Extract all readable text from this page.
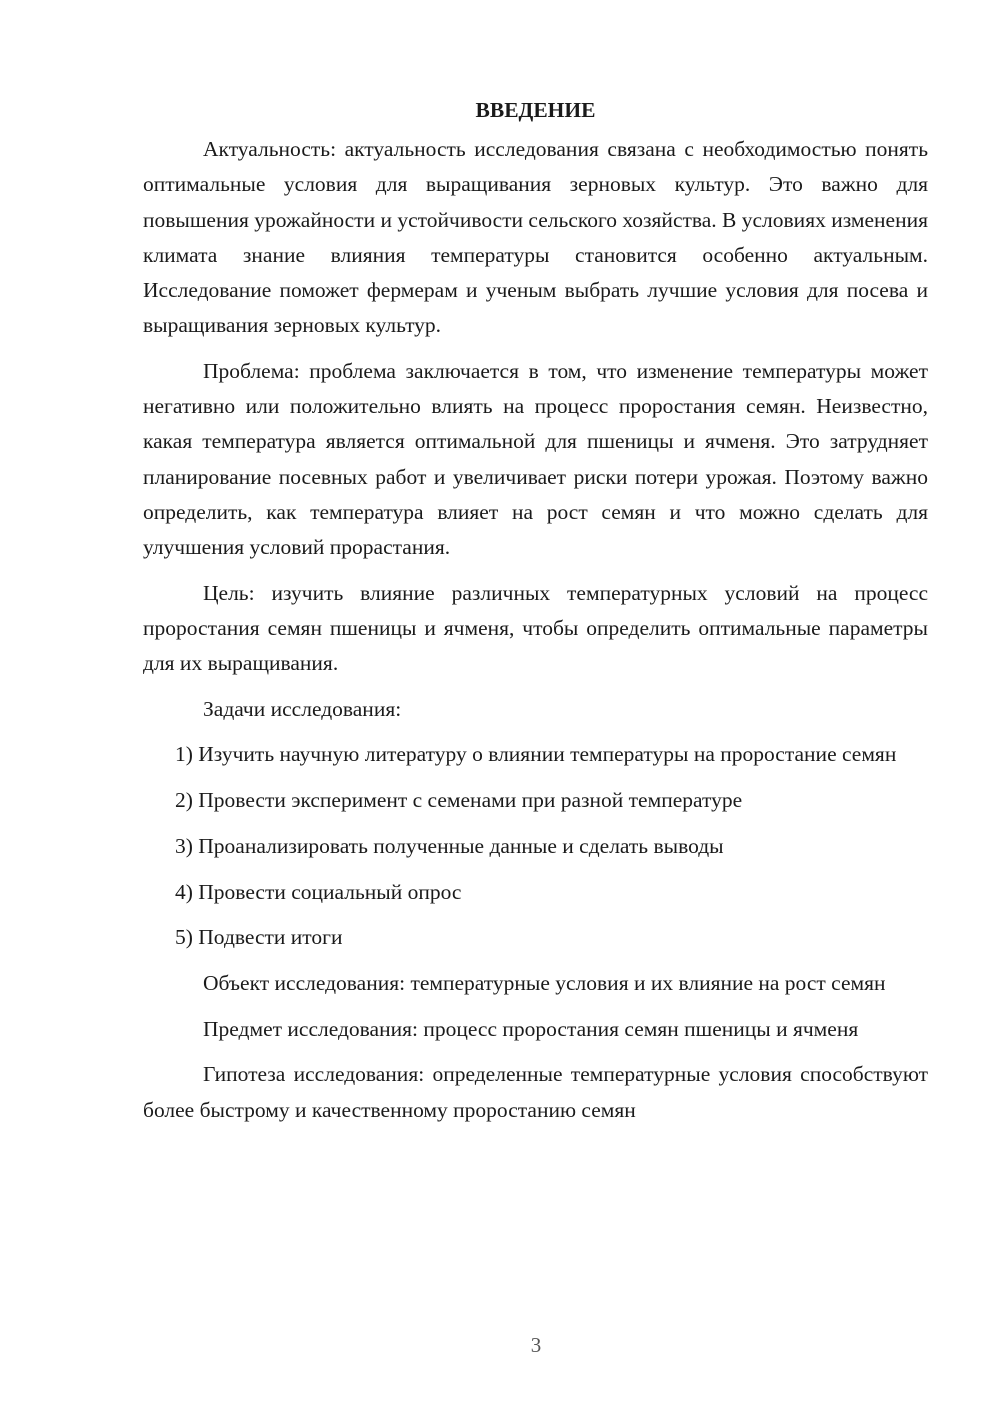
ВВЕДЕНИЕ

Актуальность: актуальность исследования связана с необходимостью понять оптимальные условия для выращивания зерновых культур. Это важно для повышения урожайности и устойчивости сельского хозяйства. В условиях изменения климата знание влияния температуры становится особенно актуальным. Исследование поможет фермерам и ученым выбрать лучшие условия для посева и выращивания зерновых культур.

Проблема: проблема заключается в том, что изменение температуры может негативно или положительно влиять на процесс проростания семян. Неизвестно, какая температура является оптимальной для пшеницы и ячменя. Это затрудняет планирование посевных работ и увеличивает риски потери урожая. Поэтому важно определить, как температура влияет на рост семян и что можно сделать для улучшения условий прорастания.

Цель: изучить влияние различных температурных условий на процесс проростания семян пшеницы и ячменя, чтобы определить оптимальные параметры для их выращивания.

Задачи исследования:

1) Изучить научную литературу о влиянии температуры на проростание семян

2) Провести эксперимент с семенами при разной температуре

3) Проанализировать полученные данные и сделать выводы

4) Провести социальный опрос

5) Подвести итоги

Объект исследования: температурные условия и их влияние на рост семян

Предмет исследования: процесс проростания семян пшеницы и ячменя

Гипотеза исследования: определенные температурные условия способствуют более быстрому и качественному проростанию семян

3
